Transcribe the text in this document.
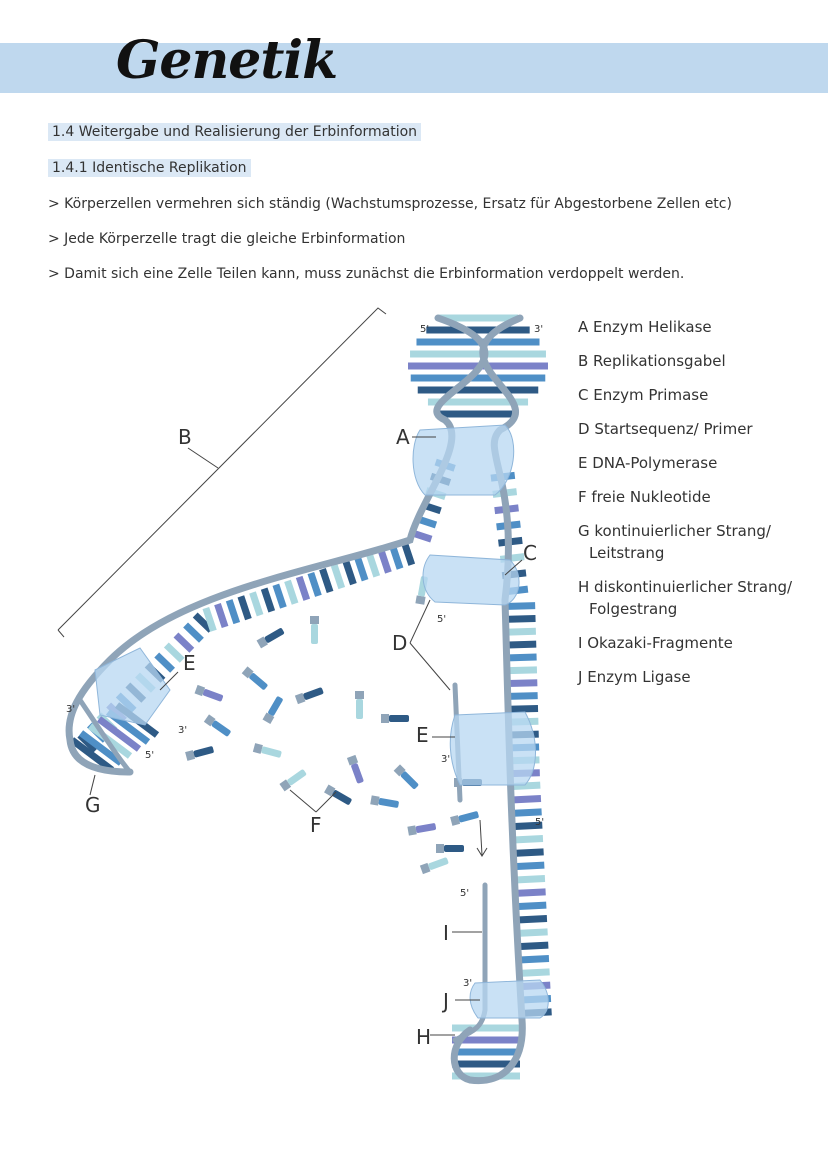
Genetik
1.4 Weitergabe und Realisierung der Erbinformation
1.4.1 Identische Replikation
> Körperzellen vermehren sich ständig (Wachstumsprozesse, Ersatz für Abgestorbene Zellen etc)
> Jede Körperzelle tragt die gleiche Erbinformation
> Damit sich eine Zelle Teilen kann, muss zunächst die Erbinformation verdoppelt werden.
B	A
C
D
E
E
F
G
H
I
J
5'	3'
3'
5'
3'
5'
3'
5'
5'
3'
A Enzym Helikase
B Replikationsgabel
C Enzym Primase
D Startsequenz/ Primer
E DNA-Polymerase
F freie Nukleotide
G kontinuierlicher Strang/
Leitstrang
H diskontinuierlicher Strang/
Folgestrang
I Okazaki-Fragmente
J Enzym Ligase
